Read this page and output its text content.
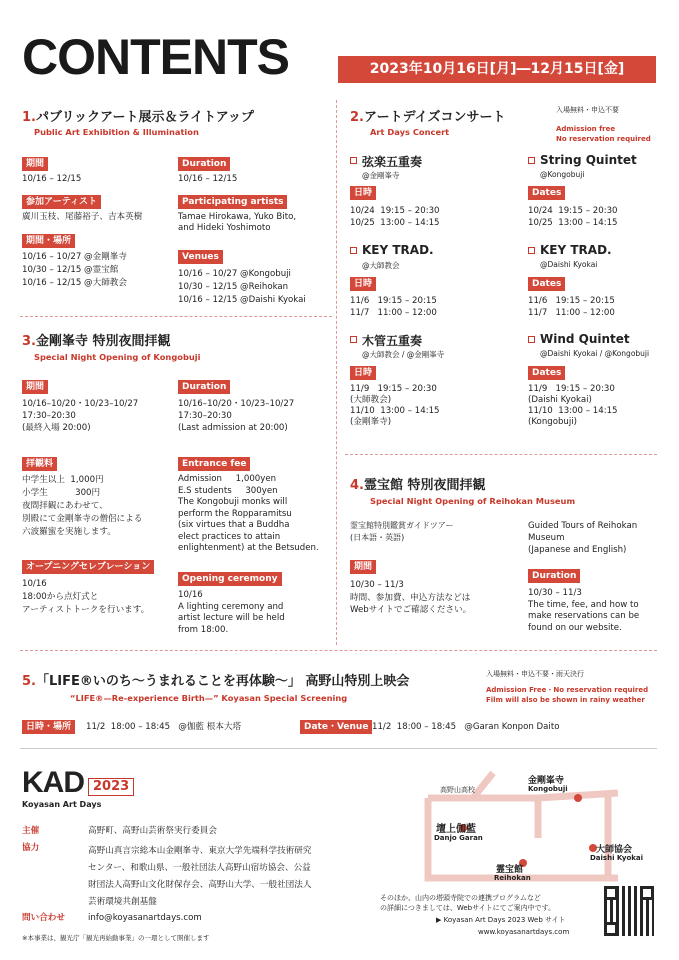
CONTENTS	2023年10月16日[月]―12月15日[金]
1.パブリックアート展示＆ライトアップ
Public Art Exhibition & Illumination
期間
10/16 – 12/15
参加アーティスト
廣川玉枝、尾藤裕子、吉本英樹
期間・場所
10/16 – 10/27 @金剛峯寺
10/30 – 12/15 @霊宝館
10/16 – 12/15 @大師教会
Duration
10/16 – 12/15
Participating artists
Tamae Hirokawa, Yuko Bito,
and Hideki Yoshimoto
Venues
10/16 – 10/27 @Kongobuji
10/30 – 12/15 @Reihokan
10/16 – 12/15 @Daishi Kyokai
3.金剛峯寺 特別夜間拝観
Special Night Opening of Kongobuji
期間
10/16–10/20・10/23–10/27
17:30–20:30
(最終入場 20:00)
拝観料
中学生以上  1,000円
小学生          300円
夜間拝観にあわせて、
別殿にて金剛峯寺の僧侶による
六波羅蜜を実施します。
オープニングセレブレーション
10/16
18:00から点灯式と
アーティストトークを行います。
Duration
10/16–10/20・10/23–10/27
17:30–20:30
(Last admission at 20:00)
Entrance fee
Admission     1,000yen
E.S students     300yen
The Kongobuji monks will
perform the Ropparamitsu
(six virtues that a Buddha
elect practices to attain
enlightenment) at the Betsuden.
Opening ceremony
10/16
A lighting ceremony and
artist lecture will be held
from 18:00.
2.アートデイズコンサート
Art Days Concert
入場無料・申込不要
Admission free
No reservation required
弦楽五重奏
@金剛峯寺
日時
10/24  19:15 – 20:30
10/25  13:00 – 14:15
String Quintet
@Kongobuji
Dates
10/24  19:15 – 20:30
10/25  13:00 – 14:15
KEY TRAD.
@大師教会
日時
11/6   19:15 – 20:15
11/7   11:00 – 12:00
KEY TRAD.
@Daishi Kyokai
Dates
11/6   19:15 – 20:15
11/7   11:00 – 12:00
木管五重奏
@大師教会 / @金剛峯寺
日時
11/9   19:15 – 20:30
(大師教会)
11/10  13:00 – 14:15
(金剛峯寺)
Wind Quintet
@Daishi Kyokai / @Kongobuji
Dates
11/9   19:15 – 20:30
(Daishi Kyokai)
11/10  13:00 – 14:15
(Kongobuji)
4.霊宝館 特別夜間拝観
Special Night Opening of Reihokan Museum
霊宝館特別鑑賞ガイドツアー
(日本語・英語)
Guided Tours of Reihokan
Museum
(Japanese and English)
期間
10/30 – 11/3
時間、参加費、申込方法などは
Webサイトでご確認ください。
Duration
10/30 – 11/3
The time, fee, and how to
make reservations can be
found on our website.
5.「LIFE®いのち～うまれることを再体験～」 高野山特別上映会
“LIFE®—Re-experience Birth—” Koyasan Special Screening
入場無料・申込不要・雨天決行
Admission Free・No reservation required
Film will also be shown in rainy weather
日時・場所	11/2  18:00 – 18:45   @伽藍 根本大塔	Date・Venue 11/2  18:00 – 18:45   @Garan Konpon Daito
KAD 2023
Koyasan Art Days
主催	高野町、高野山芸術祭実行委員会
協力	高野山真言宗総本山金剛峯寺、東京大学先端科学技術研究
センター、和歌山県、一般社団法人高野山宿坊協会、公益
財団法人高野山文化財保存会、高野山大学、一般社団法人
芸術環境共創基盤
問い合わせ	info@koyasanartdays.com
※本事業は、観光庁「観光再始動事業」の一環として開催します
高野山高校
金剛峯寺
Kongobuji
壇上伽藍
Danjo Garan
大師協会
Daishi Kyokai
霊宝館
Reihokan
そのほか、山内の塔頭寺院での連携プログラムなど
の詳細につきましては、Webサイトにてご案内中です。
▶ Koyasan Art Days 2023 Web サイト
www.koyasanartdays.com
